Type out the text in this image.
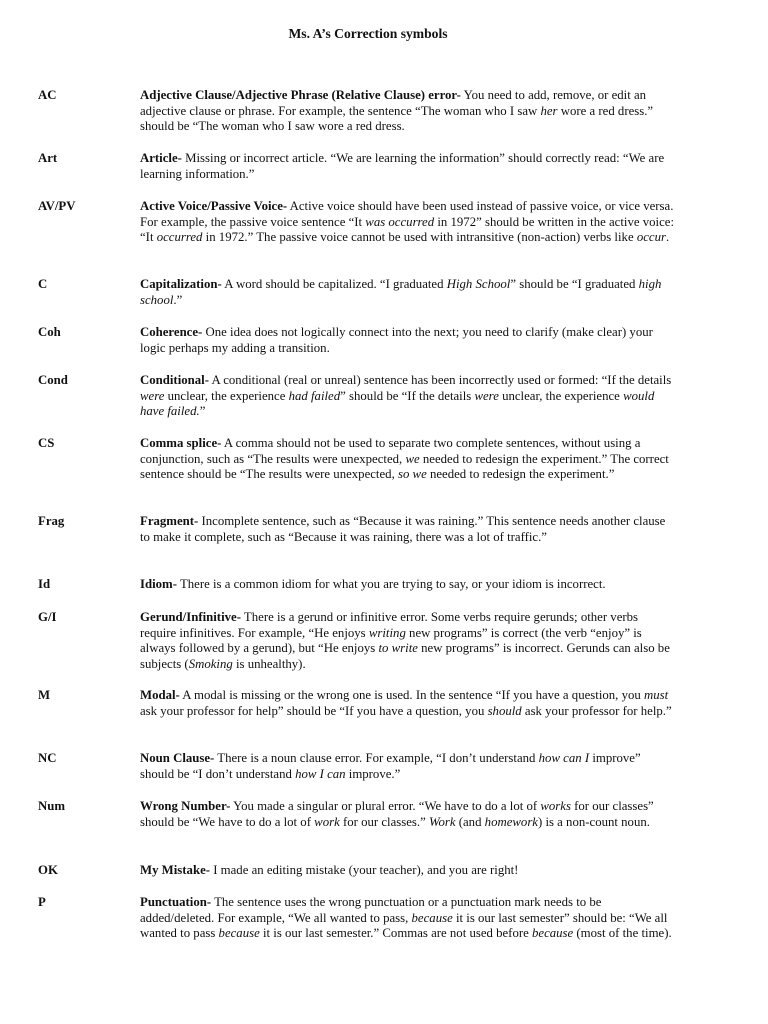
Ms. A’s Correction symbols
AC	Adjective Clause/Adjective Phrase (Relative Clause) error- You need to add, remove, or edit an adjective clause or phrase. For example, the sentence “The woman who I saw her wore a red dress.” should be “The woman who I saw wore a red dress.
Art	Article- Missing or incorrect article. “We are learning the information” should correctly read: “We are learning information.”
AV/PV	Active Voice/Passive Voice- Active voice should have been used instead of passive voice, or vice versa. For example, the passive voice sentence “It was occurred in 1972” should be written in the active voice: “It occurred in 1972.” The passive voice cannot be used with intransitive (non-action) verbs like occur.
C	Capitalization- A word should be capitalized. “I graduated High School” should be “I graduated high school.”
Coh	Coherence- One idea does not logically connect into the next; you need to clarify (make clear) your logic perhaps my adding a transition.
Cond	Conditional- A conditional (real or unreal) sentence has been incorrectly used or formed: “If the details were unclear, the experience had failed” should be “If the details were unclear, the experience would have failed.”
CS	Comma splice- A comma should not be used to separate two complete sentences, without using a conjunction, such as “The results were unexpected, we needed to redesign the experiment.” The correct sentence should be “The results were unexpected, so we needed to redesign the experiment.”
Frag	Fragment- Incomplete sentence, such as “Because it was raining.” This sentence needs another clause to make it complete, such as “Because it was raining, there was a lot of traffic.”
Id	Idiom- There is a common idiom for what you are trying to say, or your idiom is incorrect.
G/I	Gerund/Infinitive- There is a gerund or infinitive error. Some verbs require gerunds; other verbs require infinitives. For example, “He enjoys writing new programs” is correct (the verb “enjoy” is always followed by a gerund), but “He enjoys to write new programs” is incorrect. Gerunds can also be subjects (Smoking is unhealthy).
M	Modal- A modal is missing or the wrong one is used. In the sentence “If you have a question, you must ask your professor for help” should be “If you have a question, you should ask your professor for help.”
NC	Noun Clause- There is a noun clause error. For example, “I don’t understand how can I improve” should be “I don’t understand how I can improve.”
Num	Wrong Number- You made a singular or plural error. “We have to do a lot of works for our classes” should be “We have to do a lot of work for our classes.” Work (and homework) is a non-count noun.
OK	My Mistake- I made an editing mistake (your teacher), and you are right!
P	Punctuation- The sentence uses the wrong punctuation or a punctuation mark needs to be added/deleted. For example, “We all wanted to pass, because it is our last semester” should be: “We all wanted to pass because it is our last semester.” Commas are not used before because (most of the time).
